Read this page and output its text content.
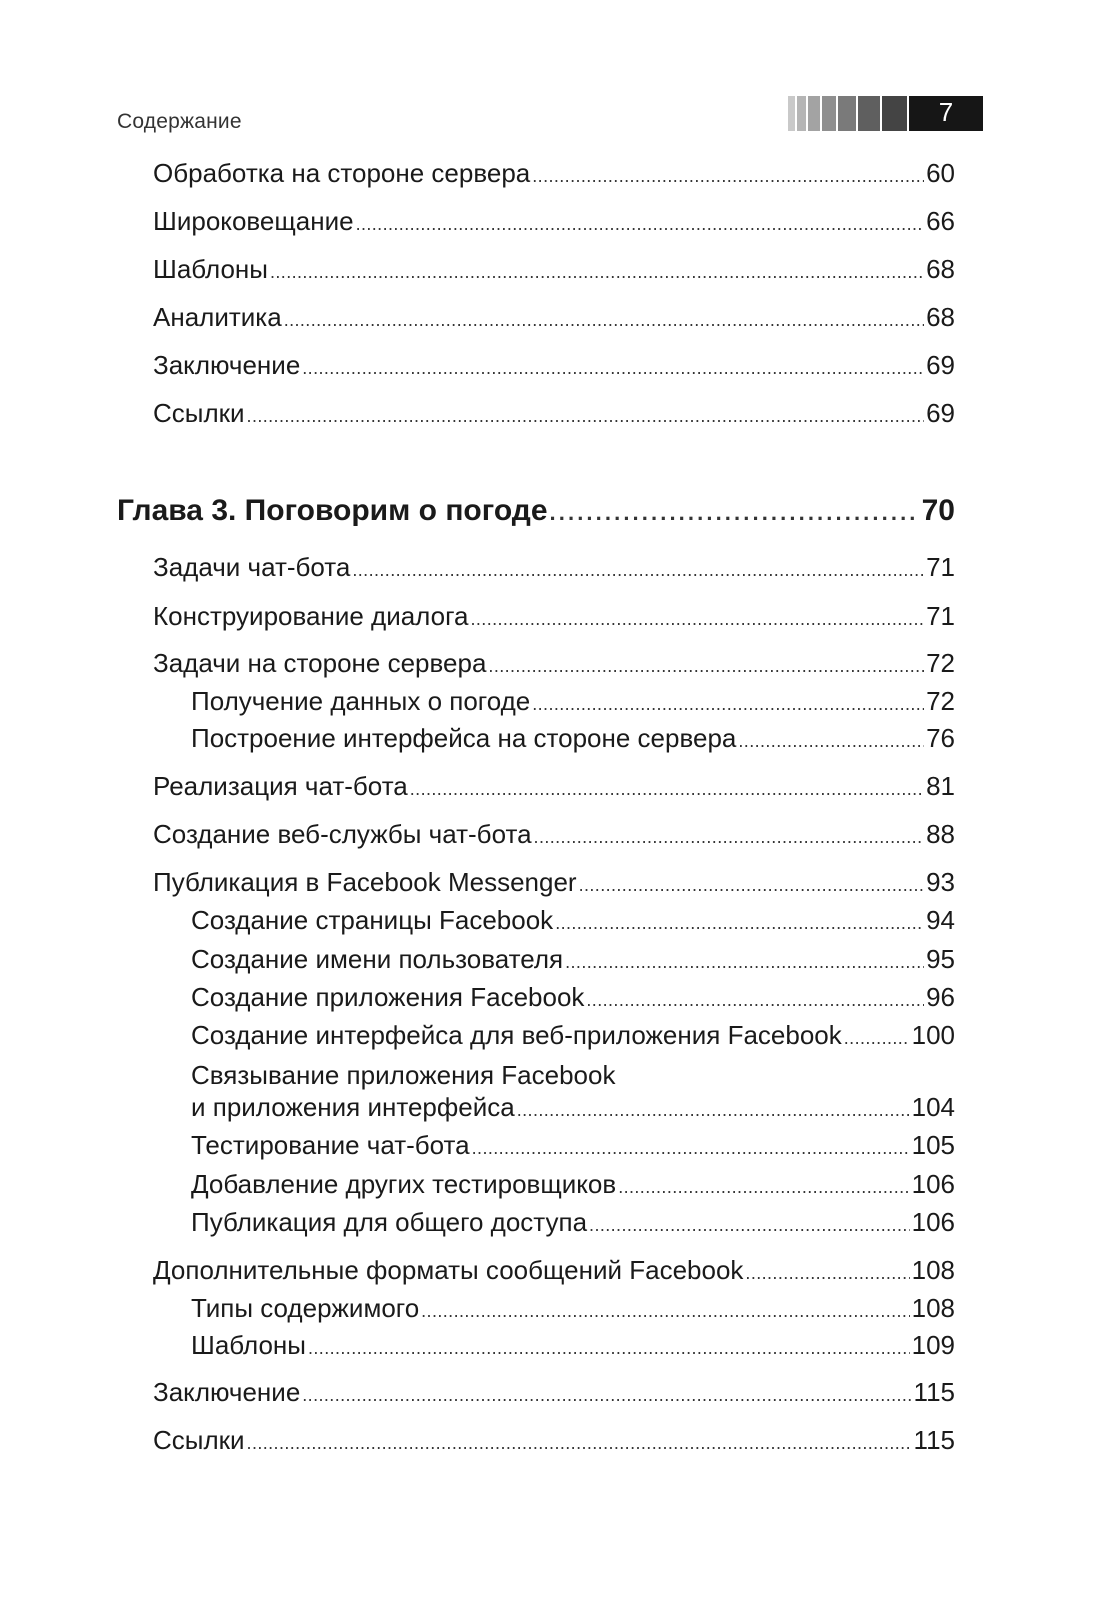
Содержание	7
Обработка на стороне сервера . . .	60
Широковещание . . .	66
Шаблоны . . .	68
Аналитика . . .	68
Заключение . . .	69
Ссылки . . .	69
Глава 3. Поговорим о погоде . . .	70
Задачи чат-бота . . .	71
Конструирование диалога . . .	71
Задачи на стороне сервера . . .	72
Получение данных о погоде . . .	72
Построение интерфейса на стороне сервера . . .	76
Реализация чат-бота . . .	81
Создание веб-службы чат-бота . . .	88
Публикация в Facebook Messenger . . .	93
Создание страницы Facebook . . .	94
Создание имени пользователя . . .	95
Создание приложения Facebook . . .	96
Создание интерфейса для веб-приложения Facebook . . .	100
Связывание приложения Facebook
и приложения интерфейса . . .	104
Тестирование чат-бота . . .	105
Добавление других тестировщиков . . .	106
Публикация для общего доступа . . .	106
Дополнительные форматы сообщений Facebook . . .	108
Типы содержимого . . .	108
Шаблоны . . .	109
Заключение . . .	115
Ссылки . . .	115
